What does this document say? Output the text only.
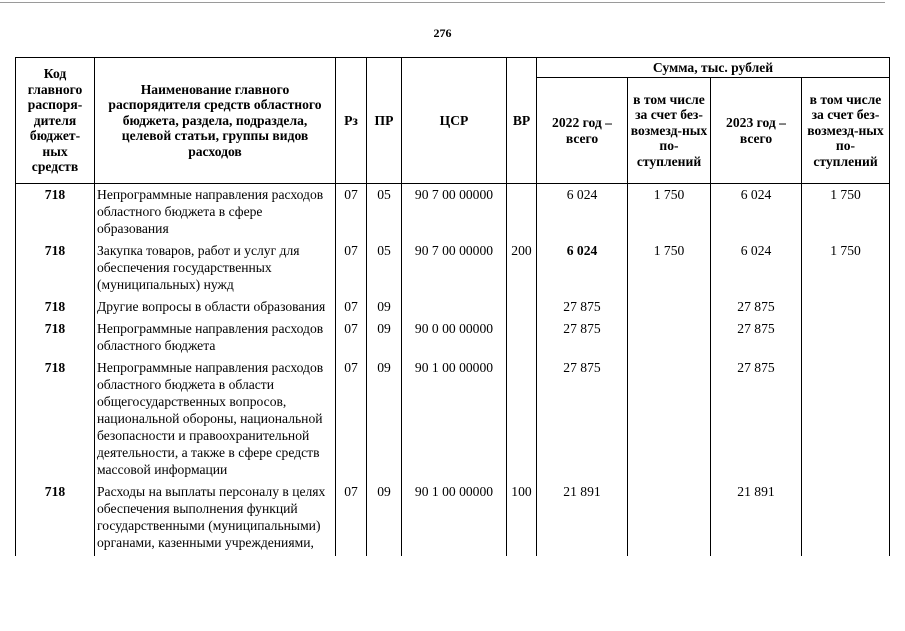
276
Код главного распоря-дителя бюджет-ных средств	Наименование главного распорядителя средств областного бюджета, раздела, подраздела, целевой статьи, группы видов расходов	Рз	ПР	ЦСР	ВР	Сумма, тыс. рублей			
						2022 год – всего	в том числе за счет без-возмезд-ных по-ступлений	2023 год – всего	в том числе за счет без-возмезд-ных по-ступлений
718	Непрограммные направления расходов областного бюджета в сфере образования	07	05	90 7 00 00000		6 024	1 750	6 024	1 750
718	Закупка товаров, работ и услуг для обеспечения государственных (муниципальных) нужд	07	05	90 7 00 00000	200	6 024	1 750	6 024	1 750
718	Другие вопросы в области образования	07	09			27 875		27 875	
718	Непрограммные направления расходов областного бюджета	07	09	90 0 00 00000		27 875		27 875	
718	Непрограммные направления расходов областного бюджета в области общегосударственных вопросов, национальной обороны, национальной безопасности и правоохранительной деятельности, а также в сфере средств массовой информации	07	09	90 1 00 00000		27 875		27 875	
718	Расходы на выплаты персоналу в целях обеспечения выполнения функций государственными (муниципальными) органами, казенными учреждениями,	07	09	90 1 00 00000	100	21 891		21 891	
